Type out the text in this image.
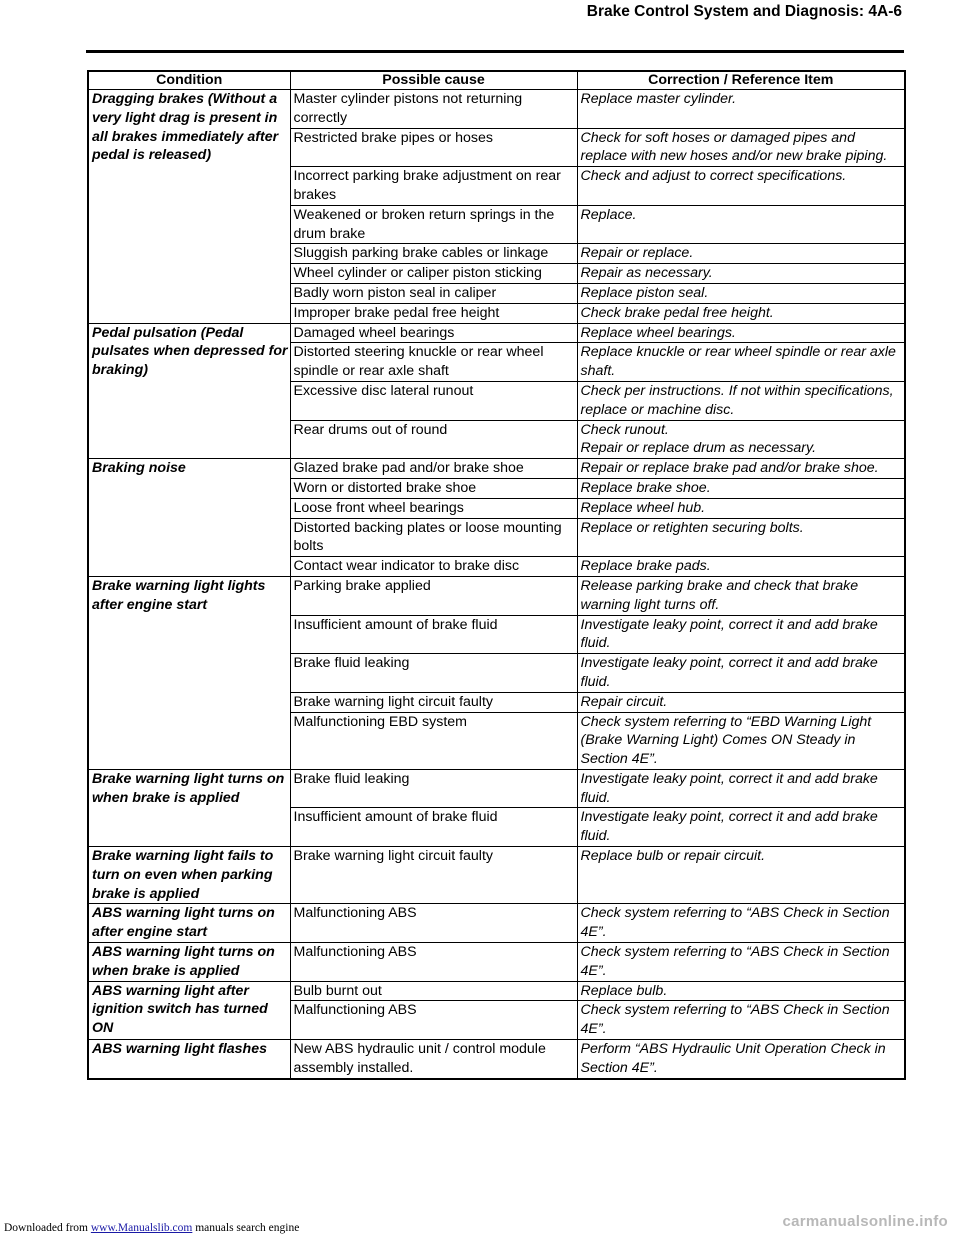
Brake Control System and Diagnosis: 4A-6
Condition	Possible cause	Correction / Reference Item
Dragging brakes (Without a very light drag is present in all brakes immediately after pedal is released)	Master cylinder pistons not returning correctly	Replace master cylinder.
	Restricted brake pipes or hoses	Check for soft hoses or damaged pipes and replace with new hoses and/or new brake piping.
	Incorrect parking brake adjustment on rear brakes	Check and adjust to correct specifications.
	Weakened or broken return springs in the drum brake	Replace.
	Sluggish parking brake cables or linkage	Repair or replace.
	Wheel cylinder or caliper piston sticking	Repair as necessary.
	Badly worn piston seal in caliper	Replace piston seal.
	Improper brake pedal free height	Check brake pedal free height.
Pedal pulsation (Pedal pulsates when depressed for braking)	Damaged wheel bearings	Replace wheel bearings.
	Distorted steering knuckle or rear wheel spindle or rear axle shaft	Replace knuckle or rear wheel spindle or rear axle shaft.
	Excessive disc lateral runout	Check per instructions. If not within specifications, replace or machine disc.
	Rear drums out of round	Check runout.
Repair or replace drum as necessary.
Braking noise	Glazed brake pad and/or brake shoe	Repair or replace brake pad and/or brake shoe.
	Worn or distorted brake shoe	Replace brake shoe.
	Loose front wheel bearings	Replace wheel hub.
	Distorted backing plates or loose mounting bolts	Replace or retighten securing bolts.
	Contact wear indicator to brake disc	Replace brake pads.
Brake warning light lights after engine start	Parking brake applied	Release parking brake and check that brake warning light turns off.
	Insufficient amount of brake fluid	Investigate leaky point, correct it and add brake fluid.
	Brake fluid leaking	Investigate leaky point, correct it and add brake fluid.
	Brake warning light circuit faulty	Repair circuit.
	Malfunctioning EBD system	Check system referring to “EBD Warning Light (Brake Warning Light) Comes ON Steady in Section 4E”.
Brake warning light turns on when brake is applied	Brake fluid leaking	Investigate leaky point, correct it and add brake fluid.
	Insufficient amount of brake fluid	Investigate leaky point, correct it and add brake fluid.
Brake warning light fails to turn on even when parking brake is applied	Brake warning light circuit faulty	Replace bulb or repair circuit.
ABS warning light turns on after engine start	Malfunctioning ABS	Check system referring to “ABS Check in Section 4E”.
ABS warning light turns on when brake is applied	Malfunctioning ABS	Check system referring to “ABS Check in Section 4E”.
ABS warning light after ignition switch has turned ON	Bulb burnt out	Replace bulb.
	Malfunctioning ABS	Check system referring to “ABS Check in Section 4E”.
ABS warning light flashes	New ABS hydraulic unit / control module assembly installed.	Perform “ABS Hydraulic Unit Operation Check in Section 4E”.
Downloaded from www.Manualslib.com manuals search engine	carmanualsonline.info
